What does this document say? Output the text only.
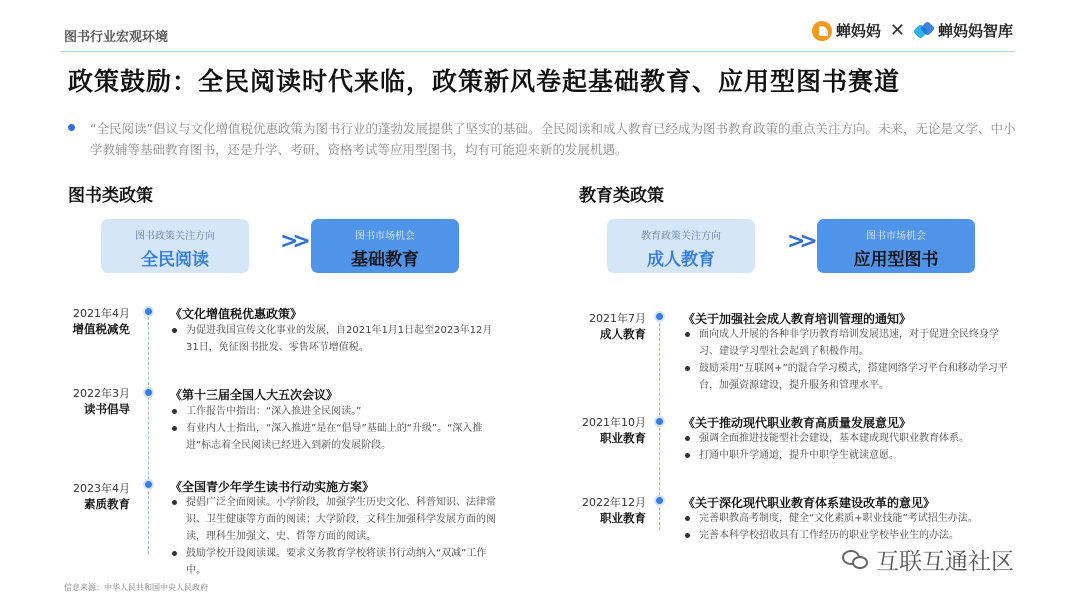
图书行业宏观环境	蝉妈妈 ✕ 蝉妈妈智库
政策鼓励：全民阅读时代来临，政策新风卷起基础教育、应用型图书赛道

“全民阅读”倡议与文化增值税优惠政策为图书行业的蓬勃发展提供了坚实的基础。全民阅读和成人教育已经成为图书教育政策的重点关注方向。未来，无论是文学、中小学教辅等基础教育图书，还是升学、考研、资格考试等应用型图书，均有可能迎来新的发展机遇。

图书类政策
图书政策关注方向
全民阅读
>>	图书市场机会
基础教育
2021年4月
增值税减免
《文化增值税优惠政策》
为促进我国宣传文化事业的发展，自2021年1月1日起至2023年12月31日，免征图书批发、零售环节增值税。
2022年3月
读书倡导
《第十三届全国人大五次会议》
工作报告中指出：“深入推进全民阅读。”
有业内人士指出，“深入推进”是在“倡导”基础上的“升级”。“深入推进”标志着全民阅读已经进入到新的发展阶段。
2023年4月
素质教育
《全国青少年学生读书行动实施方案》
提倡广泛全面阅读。小学阶段，加强学生历史文化、科普知识、法律常识、卫生健康等方面的阅读；大学阶段，文科生加强科学发展方面的阅读，理科生加强文、史、哲等方面的阅读。
鼓励学校开设阅读课。要求义务教育学校将读书行动纳入“双减”工作中。
教育类政策
教育政策关注方向
成人教育
>>	图书市场机会
应用型图书
2021年7月
成人教育
《关于加强社会成人教育培训管理的通知》
面向成人开展的各种非学历教育培训发展迅速，对于促进全民终身学习、建设学习型社会起到了积极作用。
鼓励采用“互联网+”的混合学习模式，搭建网络学习平台和移动学习平台，加强资源建设，提升服务和管理水平。
2021年10月
职业教育
《关于推动现代职业教育高质量发展意见》
强调全面推进技能型社会建设，基本建成现代职业教育体系。
打通中职升学通道，提升中职学生就读意愿。
2022年12月
职业教育
《关于深化现代职业教育体系建设改革的意见》
完善职教高考制度，健全“文化素质+职业技能”考试招生办法。
完善本科学校招收具有工作经历的职业学校毕业生的办法。
信息来源：中华人民共和国中央人民政府
互联互通社区
